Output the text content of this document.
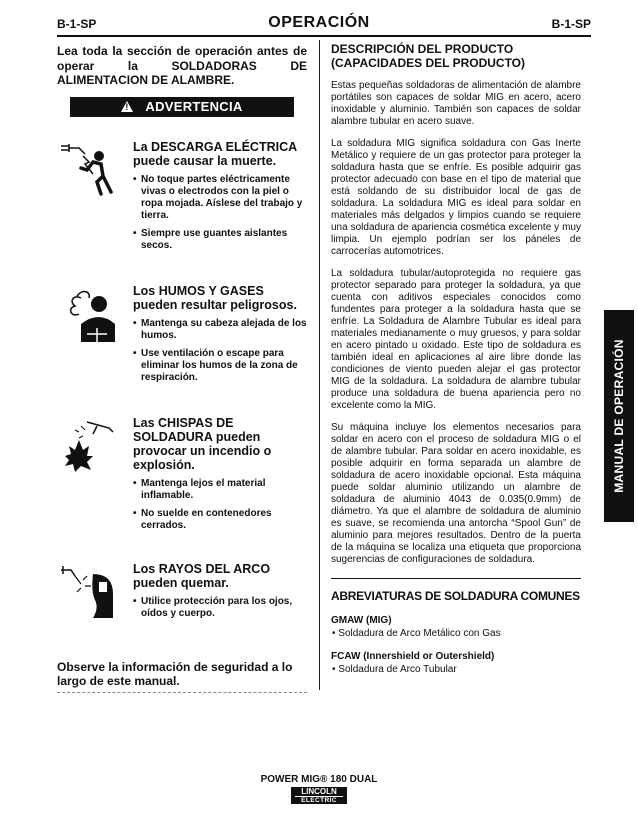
B-1-SP	OPERACIÓN	B-1-SP

Lea toda la sección de operación antes de operar la SOLDADORAS DE ALIMENTACION DE ALAMBRE.

!
ADVERTENCIA
La DESCARGA ELÉCTRICA puede causar la muerte.
• No toque partes eléctricamente vivas o electrodos con la piel o ropa mojada. Aíslese del trabajo y tierra.
• Siempre use guantes aislantes secos.
Los HUMOS Y GASES pueden resultar peligrosos.
• Mantenga su cabeza alejada de los humos.
• Use ventilación o escape para eliminar los humos de la zona de respiración.
Las CHISPAS DE SOLDADURA pueden provocar un incendio o explosión.
• Mantenga lejos el material inflamable.
• No suelde en contenedores cerrados.
Los RAYOS DEL ARCO pueden quemar.
• Utilice protección para los ojos, oídos y cuerpo.

Observe la información de seguridad a lo largo de este manual.

DESCRIPCIÓN DEL PRODUCTO (CAPACIDADES DEL PRODUCTO)

Estas pequeñas soldadoras de alimentación de alambre portátiles son capaces de soldar MIG en acero, acero inoxidable y aluminio. También son capaces de soldar alambre tubular en acero suave.

La soldadura MIG significa soldadura con Gas Inerte Metálico y requiere de un gas protector para proteger la soldadura hasta que se enfríe. Es posible adquirir gas protector adecuado con base en el tipo de material que está soldando de su distribuidor local de gas de soldadura. La soldadura MIG es ideal para soldar en materiales más delgados y limpios cuando se requiere una soldadura de apariencia cosmética excelente y muy limpia. Un ejemplo podrían ser los páneles de carrocerías automotrices.

La soldadura tubular/autoprotegida no requiere gas protector separado para proteger la soldadura, ya que cuenta con aditivos especiales conocidos como fundentes para proteger a la soldadura hasta que se enfríe. La Soldadura de Alambre Tubular es ideal para materiales medianamente o muy gruesos, y para soldar en acero pintado u oxidado. Este tipo de soldadura es también ideal en aplicaciones al aire libre donde las condiciones de viento pueden alejar el gas protector MIG de la soldadura. La soldadura de alambre tubular produce una soldadura de buena apariencia pero no excelente como la MIG.

Su máquina incluye los elementos necesarios para soldar en acero con el proceso de soldadura MIG o el de alambre tubular. Para soldar en acero inoxidable, es posible adquirir en forma separada un alambre de soldadura de acero inoxidable opcional. Esta máquina puede soldar aluminio utilizando un alambre de soldadura de aluminio 4043 de 0.035(0.9mm) de diámetro. Ya que el alambre de soldadura de aluminio es suave, se recomienda una antorcha “Spool Gun” de aluminio para mejores resultados. Dentro de la puerta de la máquina se localiza una etiqueta que proporciona sugerencias de configuraciones de soldadura.

ABREVIATURAS DE SOLDADURA COMUNES
GMAW (MIG)
• Soldadura de Arco Metálico con Gas
FCAW (Innershield or Outershield)
• Soldadura de Arco Tubular
MANUAL DE OPERACIÓN
POWER MIG® 180 DUAL
LINCOLN
ELECTRIC
